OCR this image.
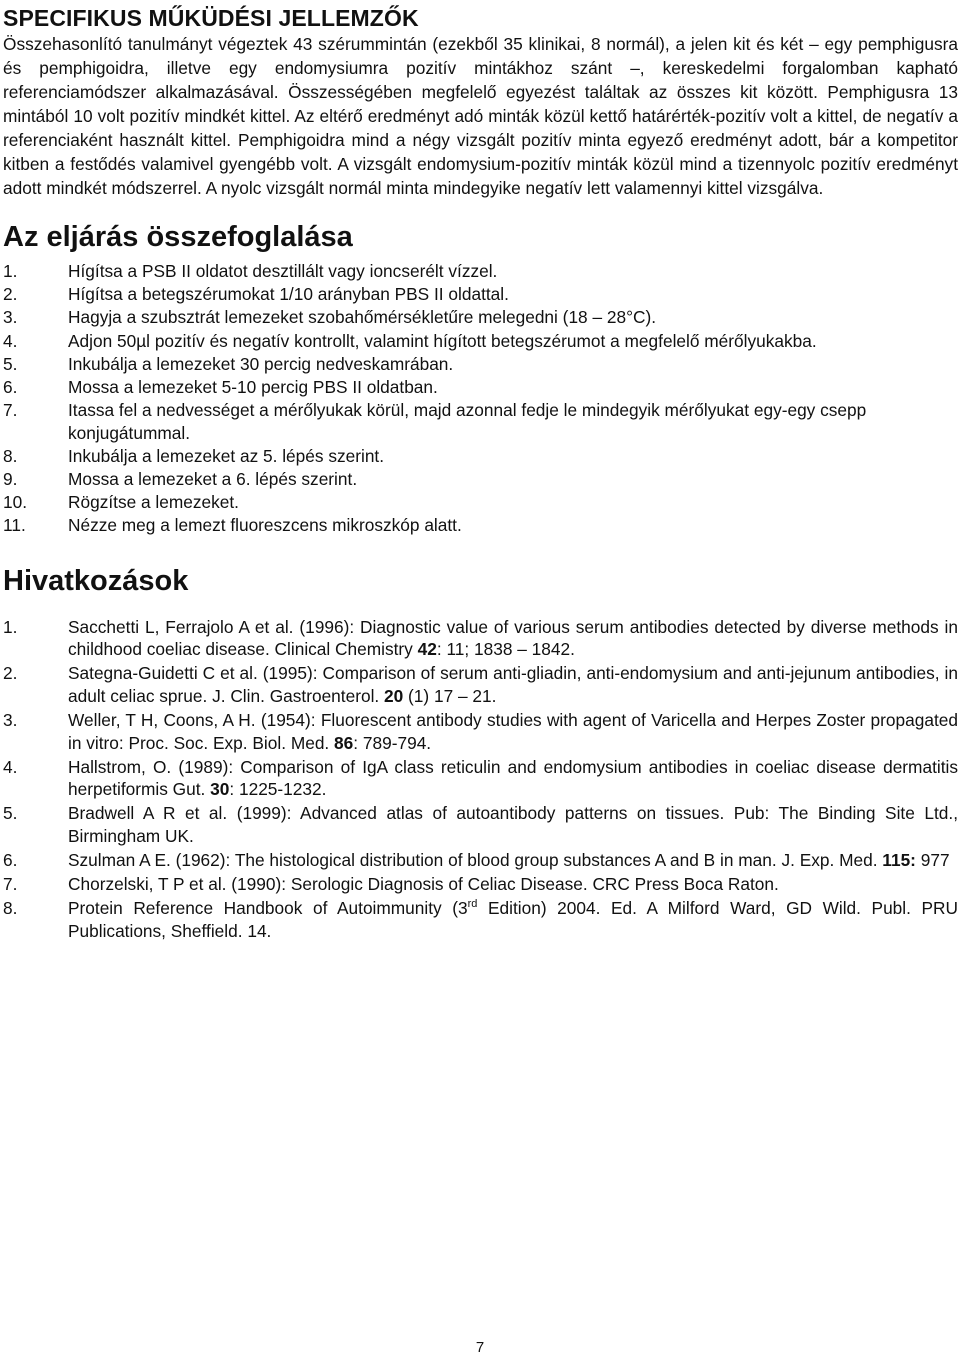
SPECIFIKUS MŰKÜDÉSI JELLEMZŐK

Összehasonlító tanulmányt végeztek 43 szérummintán (ezekből 35 klinikai, 8 normál), a jelen kit és két – egy pemphigusra és pemphigoidra, illetve egy endomysiumra pozitív mintákhoz szánt –, kereskedelmi forgalomban kapható referenciamódszer alkalmazásával. Összességében megfelelő egyezést találtak az összes kit között. Pemphigusra 13 mintából 10 volt pozitív mindkét kittel. Az eltérő eredményt adó minták közül kettő határérték-pozitív volt a kittel, de negatív a referenciaként használt kittel. Pemphigoidra mind a négy vizsgált pozitív minta egyező eredményt adott, bár a kompetitor kitben a festődés valamivel gyengébb volt. A vizsgált endomysium-pozitív minták közül mind a tizennyolc pozitív eredményt adott mindkét módszerrel. A nyolc vizsgált normál minta mindegyike negatív lett valamennyi kittel vizsgálva.

Az eljárás összefoglalása
1.	Hígítsa a PSB II oldatot desztillált vagy ioncserélt vízzel.
2.	Hígítsa a betegszérumokat 1/10 arányban PBS II oldattal.
3.	Hagyja a szubsztrát lemezeket szobahőmérsékletűre melegedni (18 – 28°C).
4.	Adjon 50µl pozitív és negatív kontrollt, valamint hígított betegszérumot a megfelelő mérőlyukakba.
5.	Inkubálja a lemezeket 30 percig nedveskamrában.
6.	Mossa a lemezeket 5-10 percig PBS II oldatban.
7.	Itassa fel a nedvességet a mérőlyukak körül, majd azonnal fedje le mindegyik mérőlyukat egy-egy csepp konjugátummal.
8.	Inkubálja a lemezeket az 5. lépés szerint.
9.	Mossa a lemezeket a 6. lépés szerint.
10. Rögzítse a lemezeket.
11. Nézze meg a lemezt fluoreszcens mikroszkóp alatt.
Hivatkozások
1.	Sacchetti L, Ferrajolo A et al. (1996): Diagnostic value of various serum antibodies detected by diverse methods in childhood coeliac disease. Clinical Chemistry 42: 11; 1838 – 1842.
2.	Sategna-Guidetti C et al. (1995): Comparison of serum anti-gliadin, anti-endomysium and anti-jejunum antibodies, in adult celiac sprue. J. Clin. Gastroenterol. 20 (1) 17 – 21.
3.	Weller, T H, Coons, A H. (1954): Fluorescent antibody studies with agent of Varicella and Herpes Zoster propagated in vitro: Proc. Soc. Exp. Biol. Med. 86: 789-794.
4.	Hallstrom, O. (1989): Comparison of IgA class reticulin and endomysium antibodies in coeliac disease dermatitis herpetiformis Gut. 30: 1225-1232.
5.	Bradwell A R et al. (1999): Advanced atlas of autoantibody patterns on tissues. Pub: The Binding Site Ltd., Birmingham UK.
6.	Szulman A E. (1962): The histological distribution of blood group substances A and B in man. J. Exp. Med. 115: 977
7.	Chorzelski, T P et al. (1990): Serologic Diagnosis of Celiac Disease. CRC Press Boca Raton.
8.	Protein Reference Handbook of Autoimmunity (3rd Edition) 2004. Ed. A Milford Ward, GD Wild. Publ. PRU Publications, Sheffield. 14.
7
